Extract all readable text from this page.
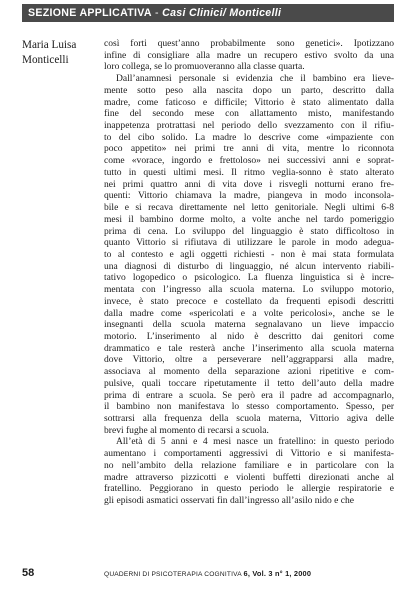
SEZIONE APPLICATIVA - Casi Clinici/ Monticelli
Maria Luisa
Monticelli
così forti quest’anno probabilmente sono genetici». Ipotizzano
infine di consigliare alla madre un recupero estivo svolto da una
loro collega, se lo promuoveranno alla classe quarta.
Dall’anamnesi personale si evidenzia che il bambino era lieve-
mente sotto peso alla nascita dopo un parto, descritto dalla
madre, come faticoso e difficile; Vittorio è stato alimentato dalla
fine del secondo mese con allattamento misto, manifestando
inappetenza protrattasi nel periodo dello svezzamento con il rifiu-
to del cibo solido. La madre lo descrive come «impaziente con
poco appetito» nei primi tre anni di vita, mentre lo riconnota
come «vorace, ingordo e frettoloso» nei successivi anni e soprat-
tutto in questi ultimi mesi. Il ritmo veglia-sonno è stato alterato
nei primi quattro anni di vita dove i risvegli notturni erano fre-
quenti: Vittorio chiamava la madre, piangeva in modo inconsola-
bile e si recava direttamente nel letto genitoriale. Negli ultimi 6-8
mesi il bambino dorme molto, a volte anche nel tardo pomeriggio
prima di cena. Lo sviluppo del linguaggio è stato difficoltoso in
quanto Vittorio si rifiutava di utilizzare le parole in modo adegua-
to al contesto e agli oggetti richiesti - non è mai stata formulata
una diagnosi di disturbo di linguaggio, né alcun intervento riabili-
tativo logopedico o psicologico. La fluenza linguistica si è incre-
mentata con l’ingresso alla scuola materna. Lo sviluppo motorio,
invece, è stato precoce e costellato da frequenti episodi descritti
dalla madre come «spericolati e a volte pericolosi», anche se le
insegnanti della scuola materna segnalavano un lieve impaccio
motorio. L’inserimento al nido è descritto dai genitori come
drammatico e tale resterà anche l’inserimento alla scuola materna
dove Vittorio, oltre a perseverare nell’aggrapparsi alla madre,
associava al momento della separazione azioni ripetitive e com-
pulsive, quali toccare ripetutamente il tetto dell’auto della madre
prima di entrare a scuola. Se però era il padre ad accompagnarlo,
il bambino non manifestava lo stesso comportamento. Spesso, per
sottrarsi alla frequenza della scuola materna, Vittorio agiva delle
brevi fughe al momento di recarsi a scuola.
All’età di 5 anni e 4 mesi nasce un fratellino: in questo periodo
aumentano i comportamenti aggressivi di Vittorio e si manifesta-
no nell’ambito della relazione familiare e in particolare con la
madre attraverso pizzicotti e violenti buffetti direzionati anche al
fratellino. Peggiorano in questo periodo le allergie respiratorie e
gli episodi asmatici osservati fin dall’ingresso all’asilo nido e che
58	QUADERNI DI PSICOTERAPIA COGNITIVA 6, Vol. 3 n° 1, 2000
